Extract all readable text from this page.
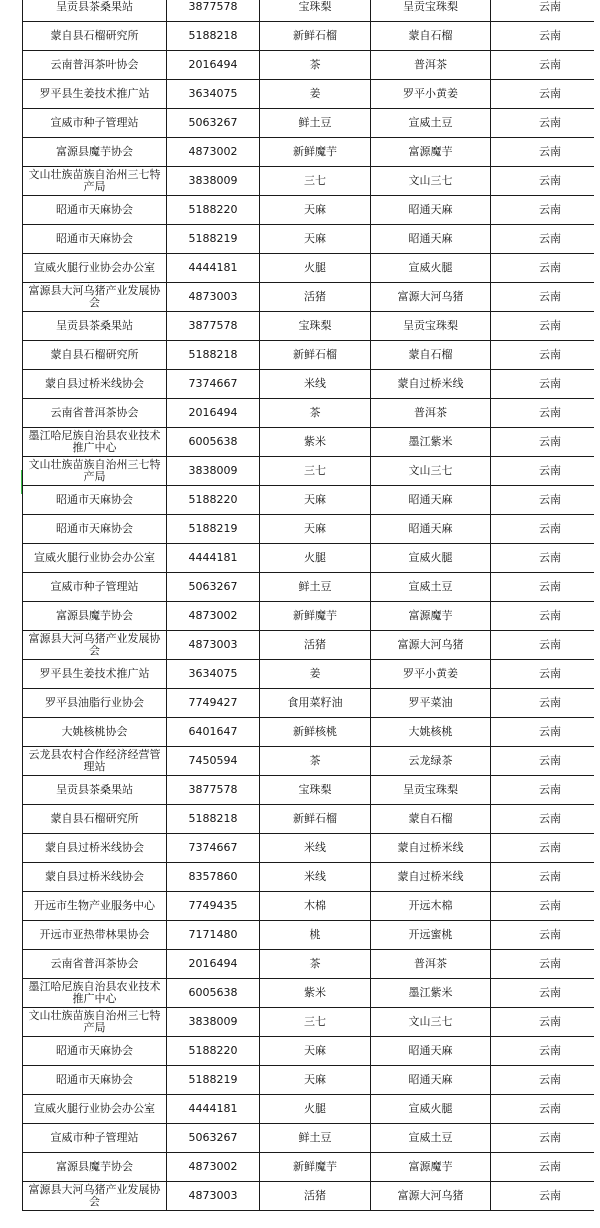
呈贡县茶桑果站	3877578	宝珠梨	呈贡宝珠梨	云南
蒙自县石榴研究所	5188218	新鲜石榴	蒙自石榴	云南
云南普洱茶叶协会	2016494	茶	普洱茶	云南
罗平县生姜技术推广站	3634075	姜	罗平小黄姜	云南
宣威市种子管理站	5063267	鲜土豆	宣威土豆	云南
富源县魔芋协会	4873002	新鲜魔芋	富源魔芋	云南
文山壮族苗族自治州三七特产局	3838009	三七	文山三七	云南
昭通市天麻协会	5188220	天麻	昭通天麻	云南
昭通市天麻协会	5188219	天麻	昭通天麻	云南
宣威火腿行业协会办公室	4444181	火腿	宣威火腿	云南
富源县大河乌猪产业发展协会	4873003	活猪	富源大河乌猪	云南
呈贡县茶桑果站	3877578	宝珠梨	呈贡宝珠梨	云南
蒙自县石榴研究所	5188218	新鲜石榴	蒙自石榴	云南
蒙自县过桥米线协会	7374667	米线	蒙自过桥米线	云南
云南省普洱茶协会	2016494	茶	普洱茶	云南
墨江哈尼族自治县农业技术推广中心	6005638	紫米	墨江紫米	云南
文山壮族苗族自治州三七特产局	3838009	三七	文山三七	云南
昭通市天麻协会	5188220	天麻	昭通天麻	云南
昭通市天麻协会	5188219	天麻	昭通天麻	云南
宣威火腿行业协会办公室	4444181	火腿	宣威火腿	云南
宣威市种子管理站	5063267	鲜土豆	宣威土豆	云南
富源县魔芋协会	4873002	新鲜魔芋	富源魔芋	云南
富源县大河乌猪产业发展协会	4873003	活猪	富源大河乌猪	云南
罗平县生姜技术推广站	3634075	姜	罗平小黄姜	云南
罗平县油脂行业协会	7749427	食用菜籽油	罗平菜油	云南
大姚核桃协会	6401647	新鲜核桃	大姚核桃	云南
云龙县农村合作经济经营管理站	7450594	茶	云龙绿茶	云南
呈贡县茶桑果站	3877578	宝珠梨	呈贡宝珠梨	云南
蒙自县石榴研究所	5188218	新鲜石榴	蒙自石榴	云南
蒙自县过桥米线协会	7374667	米线	蒙自过桥米线	云南
蒙自县过桥米线协会	8357860	米线	蒙自过桥米线	云南
开远市生物产业服务中心	7749435	木棉	开远木棉	云南
开远市亚热带林果协会	7171480	桃	开远蜜桃	云南
云南省普洱茶协会	2016494	茶	普洱茶	云南
墨江哈尼族自治县农业技术推广中心	6005638	紫米	墨江紫米	云南
文山壮族苗族自治州三七特产局	3838009	三七	文山三七	云南
昭通市天麻协会	5188220	天麻	昭通天麻	云南
昭通市天麻协会	5188219	天麻	昭通天麻	云南
宣威火腿行业协会办公室	4444181	火腿	宣威火腿	云南
宣威市种子管理站	5063267	鲜土豆	宣威土豆	云南
富源县魔芋协会	4873002	新鲜魔芋	富源魔芋	云南
富源县大河乌猪产业发展协会	4873003	活猪	富源大河乌猪	云南
